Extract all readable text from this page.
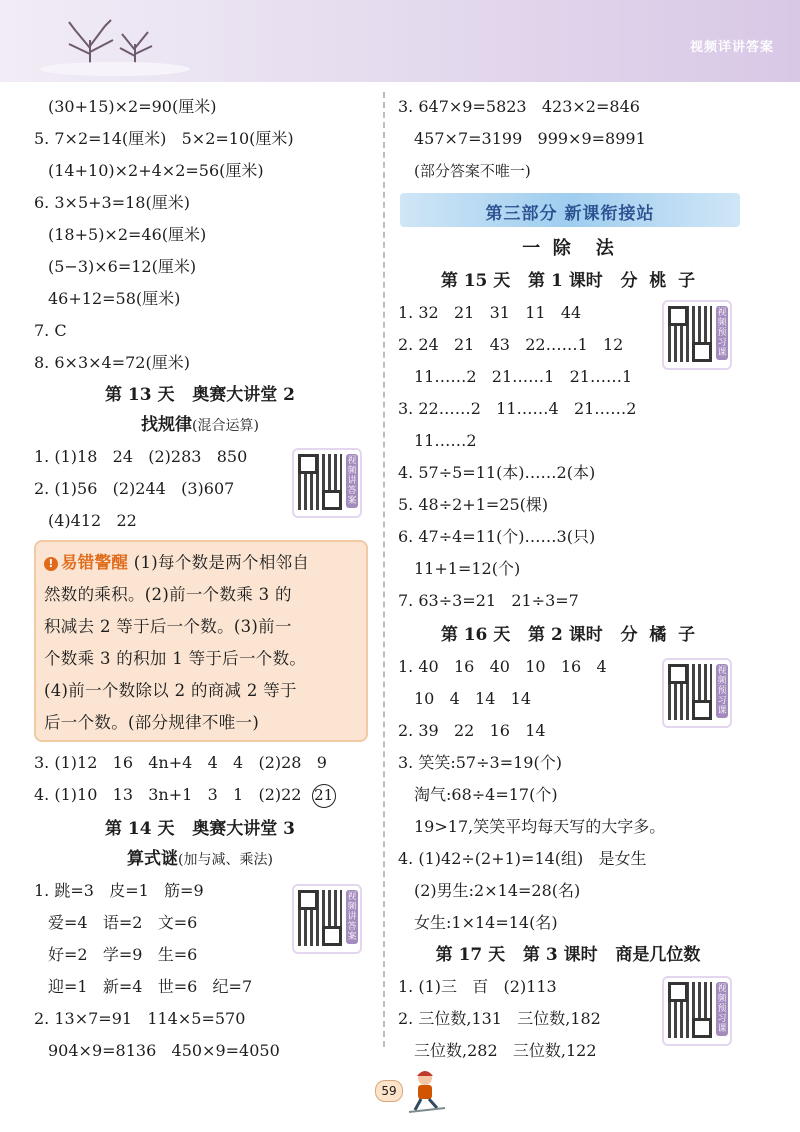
视频详讲答案
(30+15)×2=90(厘米)
5. 7×2=14(厘米)   5×2=10(厘米)
(14+10)×2+4×2=56(厘米)
6. 3×5+3=18(厘米)
(18+5)×2=46(厘米)
(5−3)×6=12(厘米)
46+12=58(厘米)
7. C
8. 6×3×4=72(厘米)
第 13 天   奥赛大讲堂 2
找规律(混合运算)
1. (1)18   24   (2)283   850
2. (1)56   (2)244   (3)607
(4)412   22
视频讲答案
! 易错警醒 (1)每个数是两个相邻自
然数的乘积。(2)前一个数乘 3 的
积减去 2 等于后一个数。(3)前一
个数乘 3 的积加 1 等于后一个数。
(4)前一个数除以 2 的商减 2 等于
后一个数。(部分规律不唯一)
3. (1)12   16   4n+4   4   4   (2)28   9
4. (1)10   13   3n+1   3   1   (2)22 21
第 14 天   奥赛大讲堂 3
算式谜(加与减、乘法)
1. 跳=3   皮=1   筋=9
爱=4   语=2   文=6
好=2   学=9   生=6
迎=1   新=4   世=6   纪=7
2. 13×7=91   114×5=570
904×9=8136   450×9=4050
视频讲答案
3. 647×9=5823   423×2=846
457×7=3199   999×9=8991
(部分答案不唯一)
第三部分 新课衔接站
一  除    法
第 15 天   第 1 课时   分  桃  子
1. 32   21   31   11   44
2. 24   21   43   22……1   12
11……2   21……1   21……1
3. 22……2   11……4   21……2
11……2
4. 57÷5=11(本)……2(本)
5. 48÷2+1=25(棵)
6. 47÷4=11(个)……3(只)
11+1=12(个)
7. 63÷3=21   21÷3=7
视频预习课
第 16 天   第 2 课时   分  橘  子
1. 40   16   40   10   16   4
10   4   14   14
2. 39   22   16   14
3. 笑笑:57÷3=19(个)
淘气:68÷4=17(个)
19>17,笑笑平均每天写的大字多。
4. (1)42÷(2+1)=14(组)   是女生
(2)男生:2×14=28(名)
女生:1×14=14(名)
视频预习课
第 17 天   第 3 课时   商是几位数
1. (1)三   百   (2)113
2. 三位数,131   三位数,182
三位数,282   三位数,122
视频预习课
59
